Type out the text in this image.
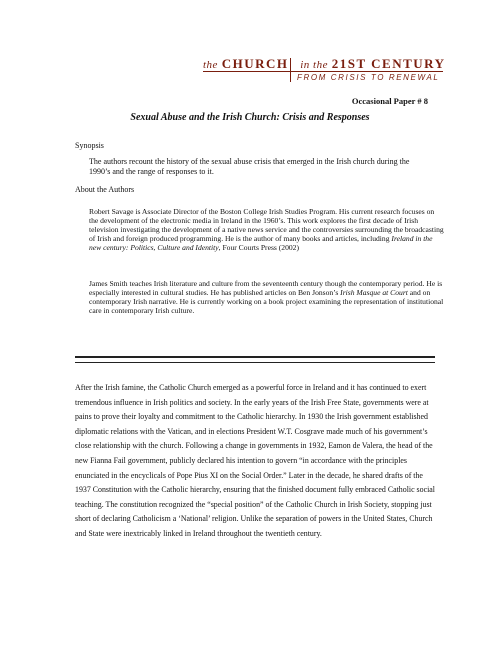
the CHURCH in the 21ST CENTURY
FROM CRISIS TO RENEWAL
Occasional Paper # 8
Sexual Abuse and the Irish Church: Crisis and Responses
Synopsis
The authors recount the history of the sexual abuse crisis that emerged in the Irish church during the 1990’s and the range of responses to it.
About the Authors
Robert Savage is Associate Director of the Boston College Irish Studies Program. His current research focuses on the development of the electronic media in Ireland in the 1960’s. This work explores the first decade of Irish television investigating the development of a native news service and the controversies surrounding the broadcasting of Irish and foreign produced programming. He is the author of many books and articles, including Ireland in the new century: Politics, Culture and Identity, Four Courts Press (2002)
James Smith teaches Irish literature and culture from the seventeenth century though the contemporary period. He is especially interested in cultural studies. He has published articles on Ben Jonson’s Irish Masque at Court and on contemporary Irish narrative. He is currently working on a book project examining the representation of institutional care in contemporary Irish culture.
After the Irish famine, the Catholic Church emerged as a powerful force in Ireland and it has continued to exert tremendous influence in Irish politics and society. In the early years of the Irish Free State, governments were at pains to prove their loyalty and commitment to the Catholic hierarchy. In 1930 the Irish government established diplomatic relations with the Vatican, and in elections President W.T. Cosgrave made much of his government’s close relationship with the church. Following a change in governments in 1932, Eamon de Valera, the head of the new Fianna Fail government, publicly declared his intention to govern “in accordance with the principles enunciated in the encyclicals of Pope Pius XI on the Social Order.” Later in the decade, he shared drafts of the 1937 Constitution with the Catholic hierarchy, ensuring that the finished document fully embraced Catholic social teaching. The constitution recognized the “special position” of the Catholic Church in Irish Society, stopping just short of declaring Catholicism a ‘National’ religion. Unlike the separation of powers in the United States, Church and State were inextricably linked in Ireland throughout the twentieth century.
